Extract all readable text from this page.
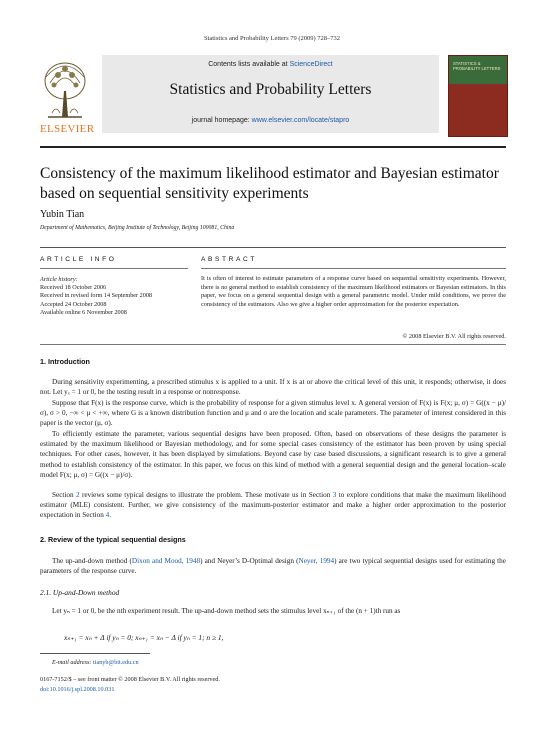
Statistics and Probability Letters 79 (2009) 728–732
ELSEVIER
Contents lists available at ScienceDirect
Statistics and Probability Letters
journal homepage: www.elsevier.com/locate/stapro
STATISTICS & PROBABILITY LETTERS
Consistency of the maximum likelihood estimator and Bayesian estimator based on sequential sensitivity experiments
Yubin Tian
Department of Mathematics, Beijing Institute of Technology, Beijing 100081, China
ARTICLE INFO	ABSTRACT
Article history:
Received 18 October 2006
Received in revised form 14 September 2008
Accepted 24 October 2008
Available online 6 November 2008
It is often of interest to estimate parameters of a response curve based on sequential sensitivity experiments. However, there is no general method to establish consistency of the maximum likelihood estimators or Bayesian estimators. In this paper, we focus on a general sequential design with a general parametric model. Under mild conditions, we prove the consistency of the estimators. Also we give a higher order approximation for the posterior expectation.
© 2008 Elsevier B.V. All rights reserved.
1. Introduction
During sensitivity experimenting, a prescribed stimulus x is applied to a unit. If x is at or above the critical level of this unit, it responds; otherwise, it does not. Let yₓ = 1 or 0, be the testing result in a response or nonresponse.
Suppose that F(x) is the response curve, which is the probability of response for a given stimulus level x. A general version of F(x) is F(x; μ, σ) = G((x − μ)/σ), σ > 0, −∞ < μ < +∞, where G is a known distribution function and μ and σ are the location and scale parameters. The parameter of interest considered in this paper is the vector (μ, σ).
To efficiently estimate the parameter, various sequential designs have been proposed. Often, based on observations of these designs the parameter is estimated by the maximum likelihood or Bayesian methodology, and for some special cases consistency of the estimator has been proven by using special techniques. For other cases, however, it has been displayed by simulations. Beyond case by case based discussions, a significant research is to give a general method to establish consistency of the estimator. In this paper, we focus on this kind of method with a general sequential design and the general location–scale model F(x; μ, σ) = G((x − μ)/σ).
Section 2 reviews some typical designs to illustrate the problem. These motivate us in Section 3 to explore conditions that make the maximum likelihood estimator (MLE) consistent. Further, we give consistency of the maximum-posterior estimator and make a higher order approximation to the posterior expectation in Section 4.
2. Review of the typical sequential designs
The up-and-down method (Dixon and Mood, 1948) and Neyer’s D-Optimal design (Neyer, 1994) are two typical sequential designs used for estimating the parameters of the response curve.
2.1. Up-and-Down method
Let yₙ = 1 or 0, be the nth experiment result. The up-and-down method sets the stimulus level xₙ₊₁ of the (n + 1)th run as
xₙ₊₁ = xₙ + Δ if yₙ = 0; xₙ₊₁ = xₙ − Δ if yₙ = 1; n ≥ 1,
E-mail address: tianyb@bit.edu.cn
0167-7152/$ – see front matter © 2008 Elsevier B.V. All rights reserved.
doi:10.1016/j.spl.2008.10.031
